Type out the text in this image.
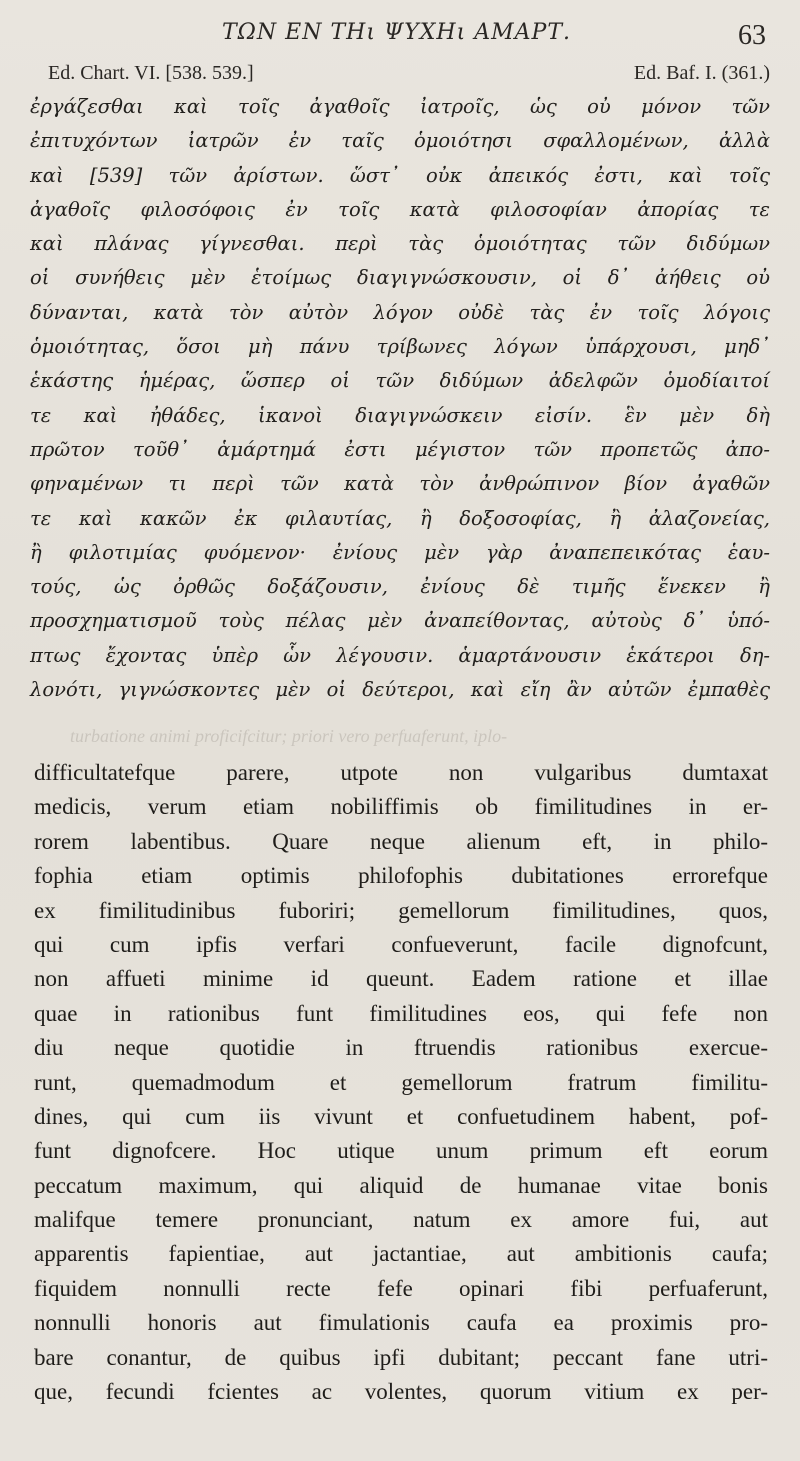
ΤΩΝ ΕΝ ΤΗι ΨΥΧΗι ΑΜΑΡΤ.	63
Ed. Chart. VI. [538. 539.]	Ed. Baf. I. (361.)
ἐργάζεσθαι καὶ τοῖς ἀγαθοῖς ἰατροῖς, ὡς οὐ μόνον τῶν
ἐπιτυχόντων ἰατρῶν ἐν ταῖς ὁμοιότησι σφαλλομένων, ἀλλὰ
καὶ [539] τῶν ἀρίστων. ὥστ᾽ οὐκ ἀπεικός ἐστι, καὶ τοῖς
ἀγαθοῖς φιλοσόφοις ἐν τοῖς κατὰ φιλοσοφίαν ἀπορίας τε
καὶ πλάνας γίγνεσθαι. περὶ τὰς ὁμοιότητας τῶν διδύμων
οἱ συνήθεις μὲν ἑτοίμως διαγιγνώσκουσιν, οἱ δ᾽ ἀήθεις οὐ
δύνανται, κατὰ τὸν αὐτὸν λόγον οὐδὲ τὰς ἐν τοῖς λόγοις
ὁμοιότητας, ὅσοι μὴ πάνυ τρίβωνες λόγων ὑπάρχουσι, μηδ᾽
ἑκάστης ἡμέρας, ὥσπερ οἱ τῶν διδύμων ἀδελφῶν ὁμοδίαιτοί
τε καὶ ἠθάδες, ἱκανοὶ διαγιγνώσκειν εἰσίν. ἓν μὲν δὴ
πρῶτον τοῦθ᾽ ἁμάρτημά ἐστι μέγιστον τῶν προπετῶς ἀπο-
φηναμένων τι περὶ τῶν κατὰ τὸν ἀνθρώπινον βίον ἀγαθῶν
τε καὶ κακῶν ἐκ φιλαυτίας, ἢ δοξοσοφίας, ἢ ἀλαζονείας,
ἢ φιλοτιμίας φυόμενον· ἐνίους μὲν γὰρ ἀναπεπεικότας ἑαυ-
τούς, ὡς ὀρθῶς δοξάζουσιν, ἐνίους δὲ τιμῆς ἕνεκεν ἢ
προσχηματισμοῦ τοὺς πέλας μὲν ἀναπείθοντας, αὐτοὺς δ᾽ ὑπό-
πτως ἔχοντας ὑπὲρ ὧν λέγουσιν. ἁμαρτάνουσιν ἑκάτεροι δη-
λονότι, γιγνώσκοντες μὲν οἱ δεύτεροι, καὶ εἴη ἂν αὐτῶν ἐμπαθὲς
turbatione animi proficifcitur; priori vero perfuaferunt, iplo-
difficultatefque parere, utpote non vulgaribus dumtaxat
medicis, verum etiam nobiliffimis ob fimilitudines in er-
rorem labentibus. Quare neque alienum eft, in philo-
fophia etiam optimis philofophis dubitationes errorefque
ex fimilitudinibus fuboriri; gemellorum fimilitudines, quos,
qui cum ipfis verfari confueverunt, facile dignofcunt,
non affueti minime id queunt. Eadem ratione et illae
quae in rationibus funt fimilitudines eos, qui fefe non
diu neque quotidie in ftruendis rationibus exercue-
runt, quemadmodum et gemellorum fratrum fimilitu-
dines, qui cum iis vivunt et confuetudinem habent, pof-
funt dignofcere. Hoc utique unum primum eft eorum
peccatum maximum, qui aliquid de humanae vitae bonis
malifque temere pronunciant, natum ex amore fui, aut
apparentis fapientiae, aut jactantiae, aut ambitionis caufa;
fiquidem nonnulli recte fefe opinari fibi perfuaferunt,
nonnulli honoris aut fimulationis caufa ea proximis pro-
bare conantur, de quibus ipfi dubitant; peccant fane utri-
que, fecundi fcientes ac volentes, quorum vitium ex per-
